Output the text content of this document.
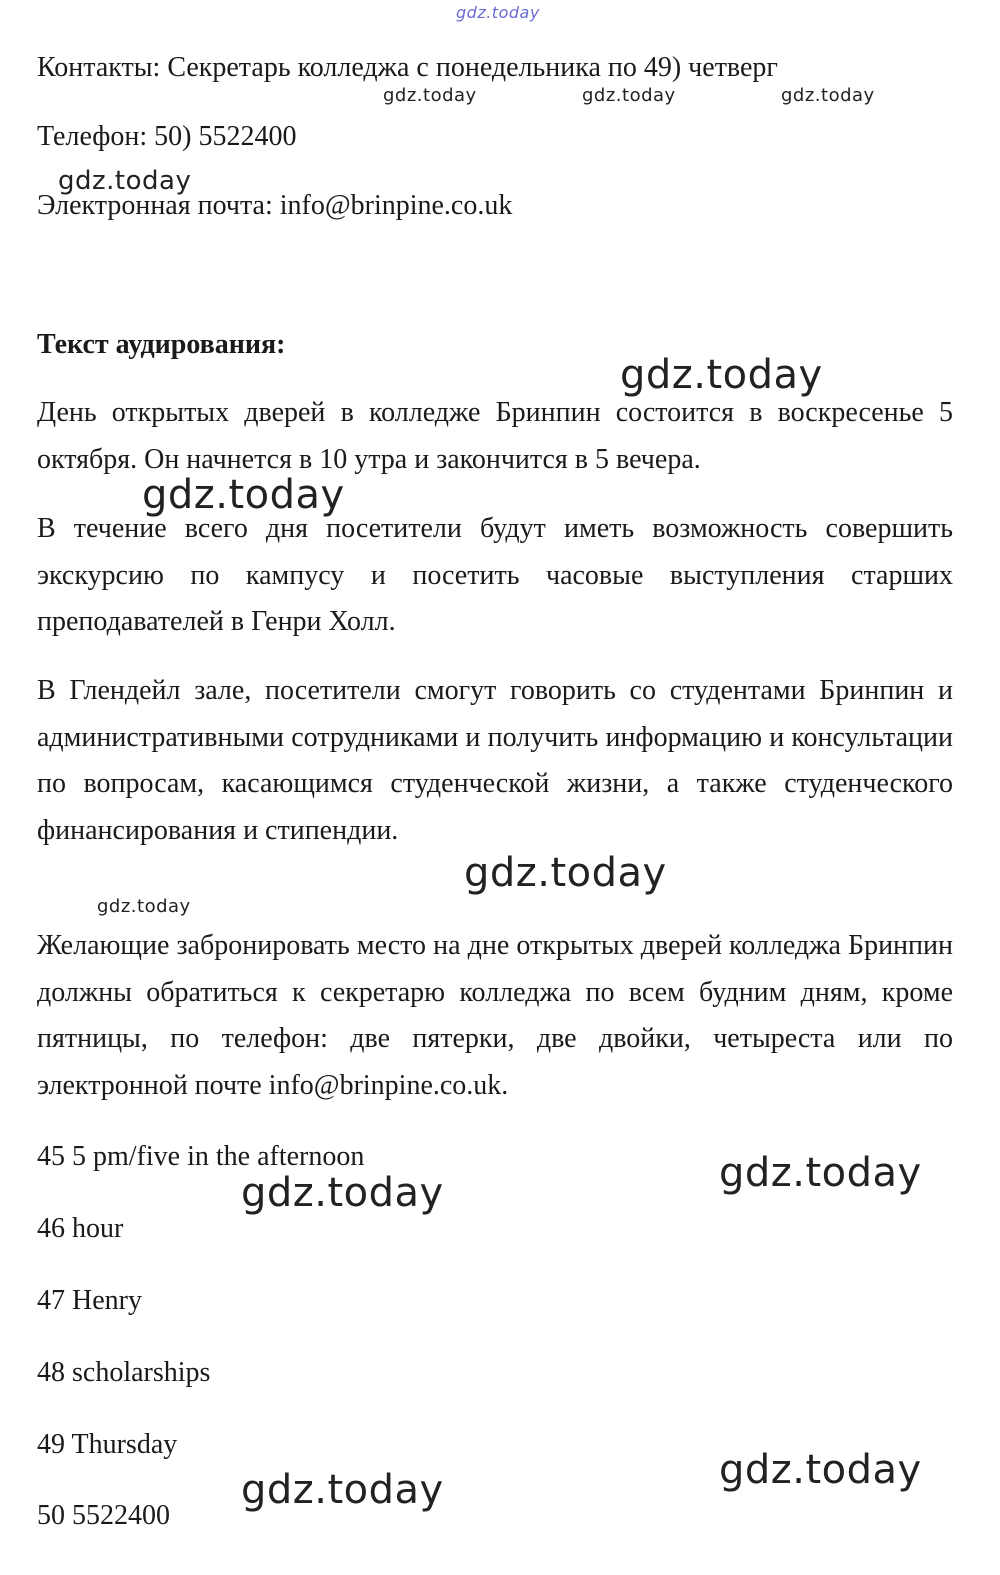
gdz.today
gdz.today	gdz.today	gdz.today
gdz.today
gdz.today
gdz.today
gdz.today
gdz.today
gdz.today
gdz.today
gdz.today
gdz.today
Контакты: Секретарь колледжа с понедельника по 49) четверг
Телефон: 50) 5522400
Электронная почта: info@brinpine.co.uk
Текст аудирования:
День открытых дверей в колледже Бринпин состоится в воскресенье 5 октября. Он начнется в 10 утра и закончится в 5 вечера.
В течение всего дня посетители будут иметь возможность совершить экскурсию по кампусу и посетить часовые выступления старших преподавателей в Генри Холл.
В Глендейл зале, посетители смогут говорить со студентами Бринпин и административными сотрудниками и получить информацию и консультации по вопросам, касающимся студенческой жизни, а также студенческого финансирования и стипендии.
Желающие забронировать место на дне открытых дверей колледжа Бринпин должны обратиться к секретарю колледжа по всем будним дням, кроме пятницы, по телефон: две пятерки, две двойки, четыреста или по электронной почте info@brinpine.co.uk.
45 5 pm/five in the afternoon
46 hour
47 Henry
48 scholarships
49 Thursday
50 5522400
